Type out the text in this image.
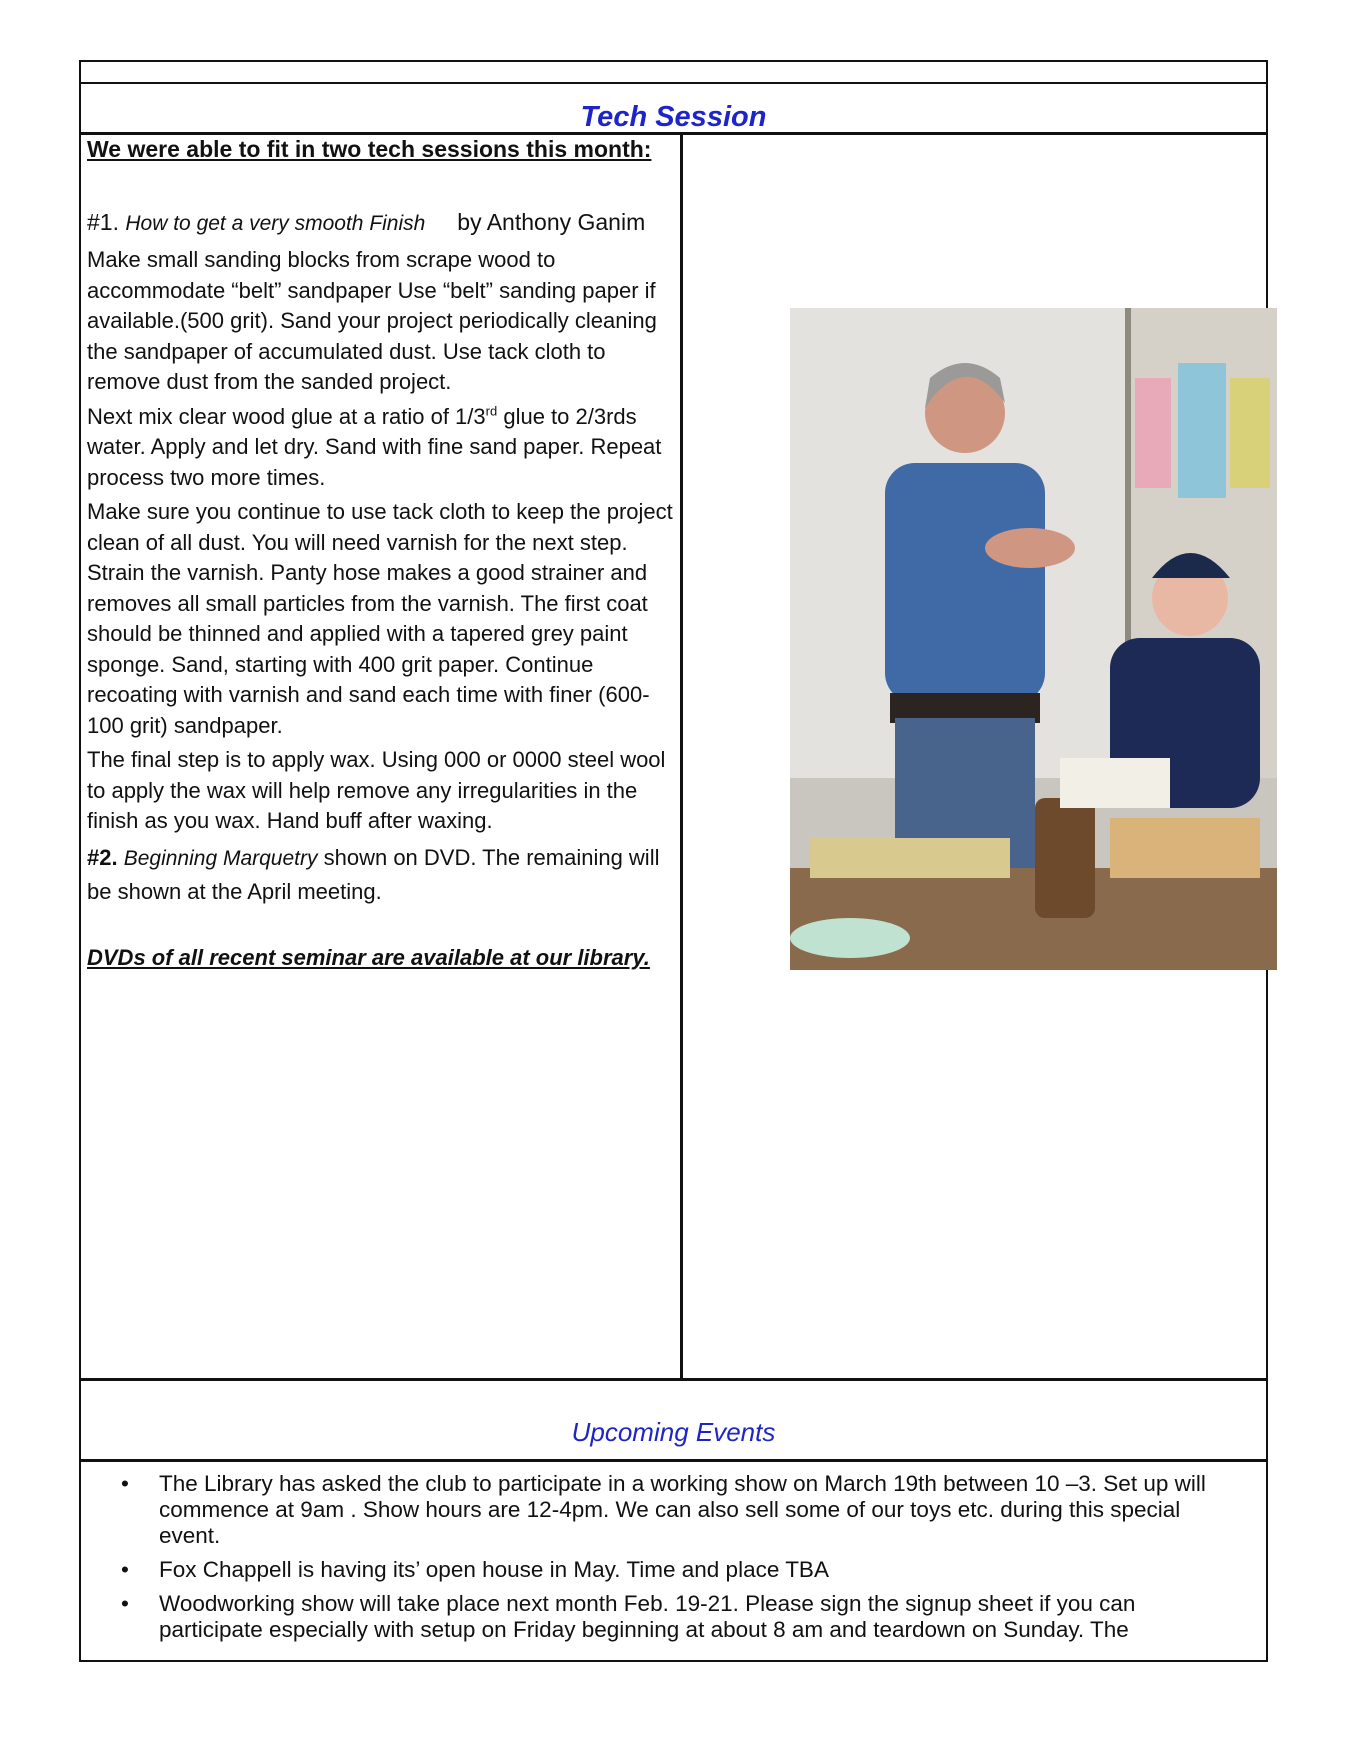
Tech Session

We were able to fit in two tech sessions this month:

#1. How to get a very smooth Finish by Anthony Ganim

Make small sanding blocks from scrape wood to accommodate “belt” sandpaper Use “belt” sanding paper if available.(500 grit). Sand your project periodically cleaning the sandpaper of accumulated dust. Use tack cloth to remove dust from the sanded project.

Next mix clear wood glue at a ratio of 1/3rd glue to 2/3rds water. Apply and let dry. Sand with fine sand paper. Repeat process two more times.

Make sure you continue to use tack cloth to keep the project clean of all dust. You will need varnish for the next step. Strain the varnish. Panty hose makes a good strainer and removes all small particles from the varnish. The first coat should be thinned and applied with a tapered grey paint sponge. Sand, starting with 400 grit paper. Continue recoating with varnish and sand each time with finer (600-100 grit) sandpaper.

The final step is to apply wax. Using 000 or 0000 steel wool to apply the wax will help remove any irregularities in the finish as you wax. Hand buff after waxing.

#2. Beginning Marquetry shown on DVD. The remaining will be shown at the April meeting.

DVDs of all recent seminar are available at our library.

Upcoming Events
• The Library has asked the club to participate in a working show on March 19th between 10 –3. Set up will commence at 9am . Show hours are 12-4pm. We can also sell some of our toys etc. during this special event.
• Fox Chappell is having its’ open house in May. Time and place TBA
• Woodworking show will take place next month Feb. 19-21. Please sign the signup sheet if you can participate especially with setup on Friday beginning at about 8 am and teardown on Sunday. The
